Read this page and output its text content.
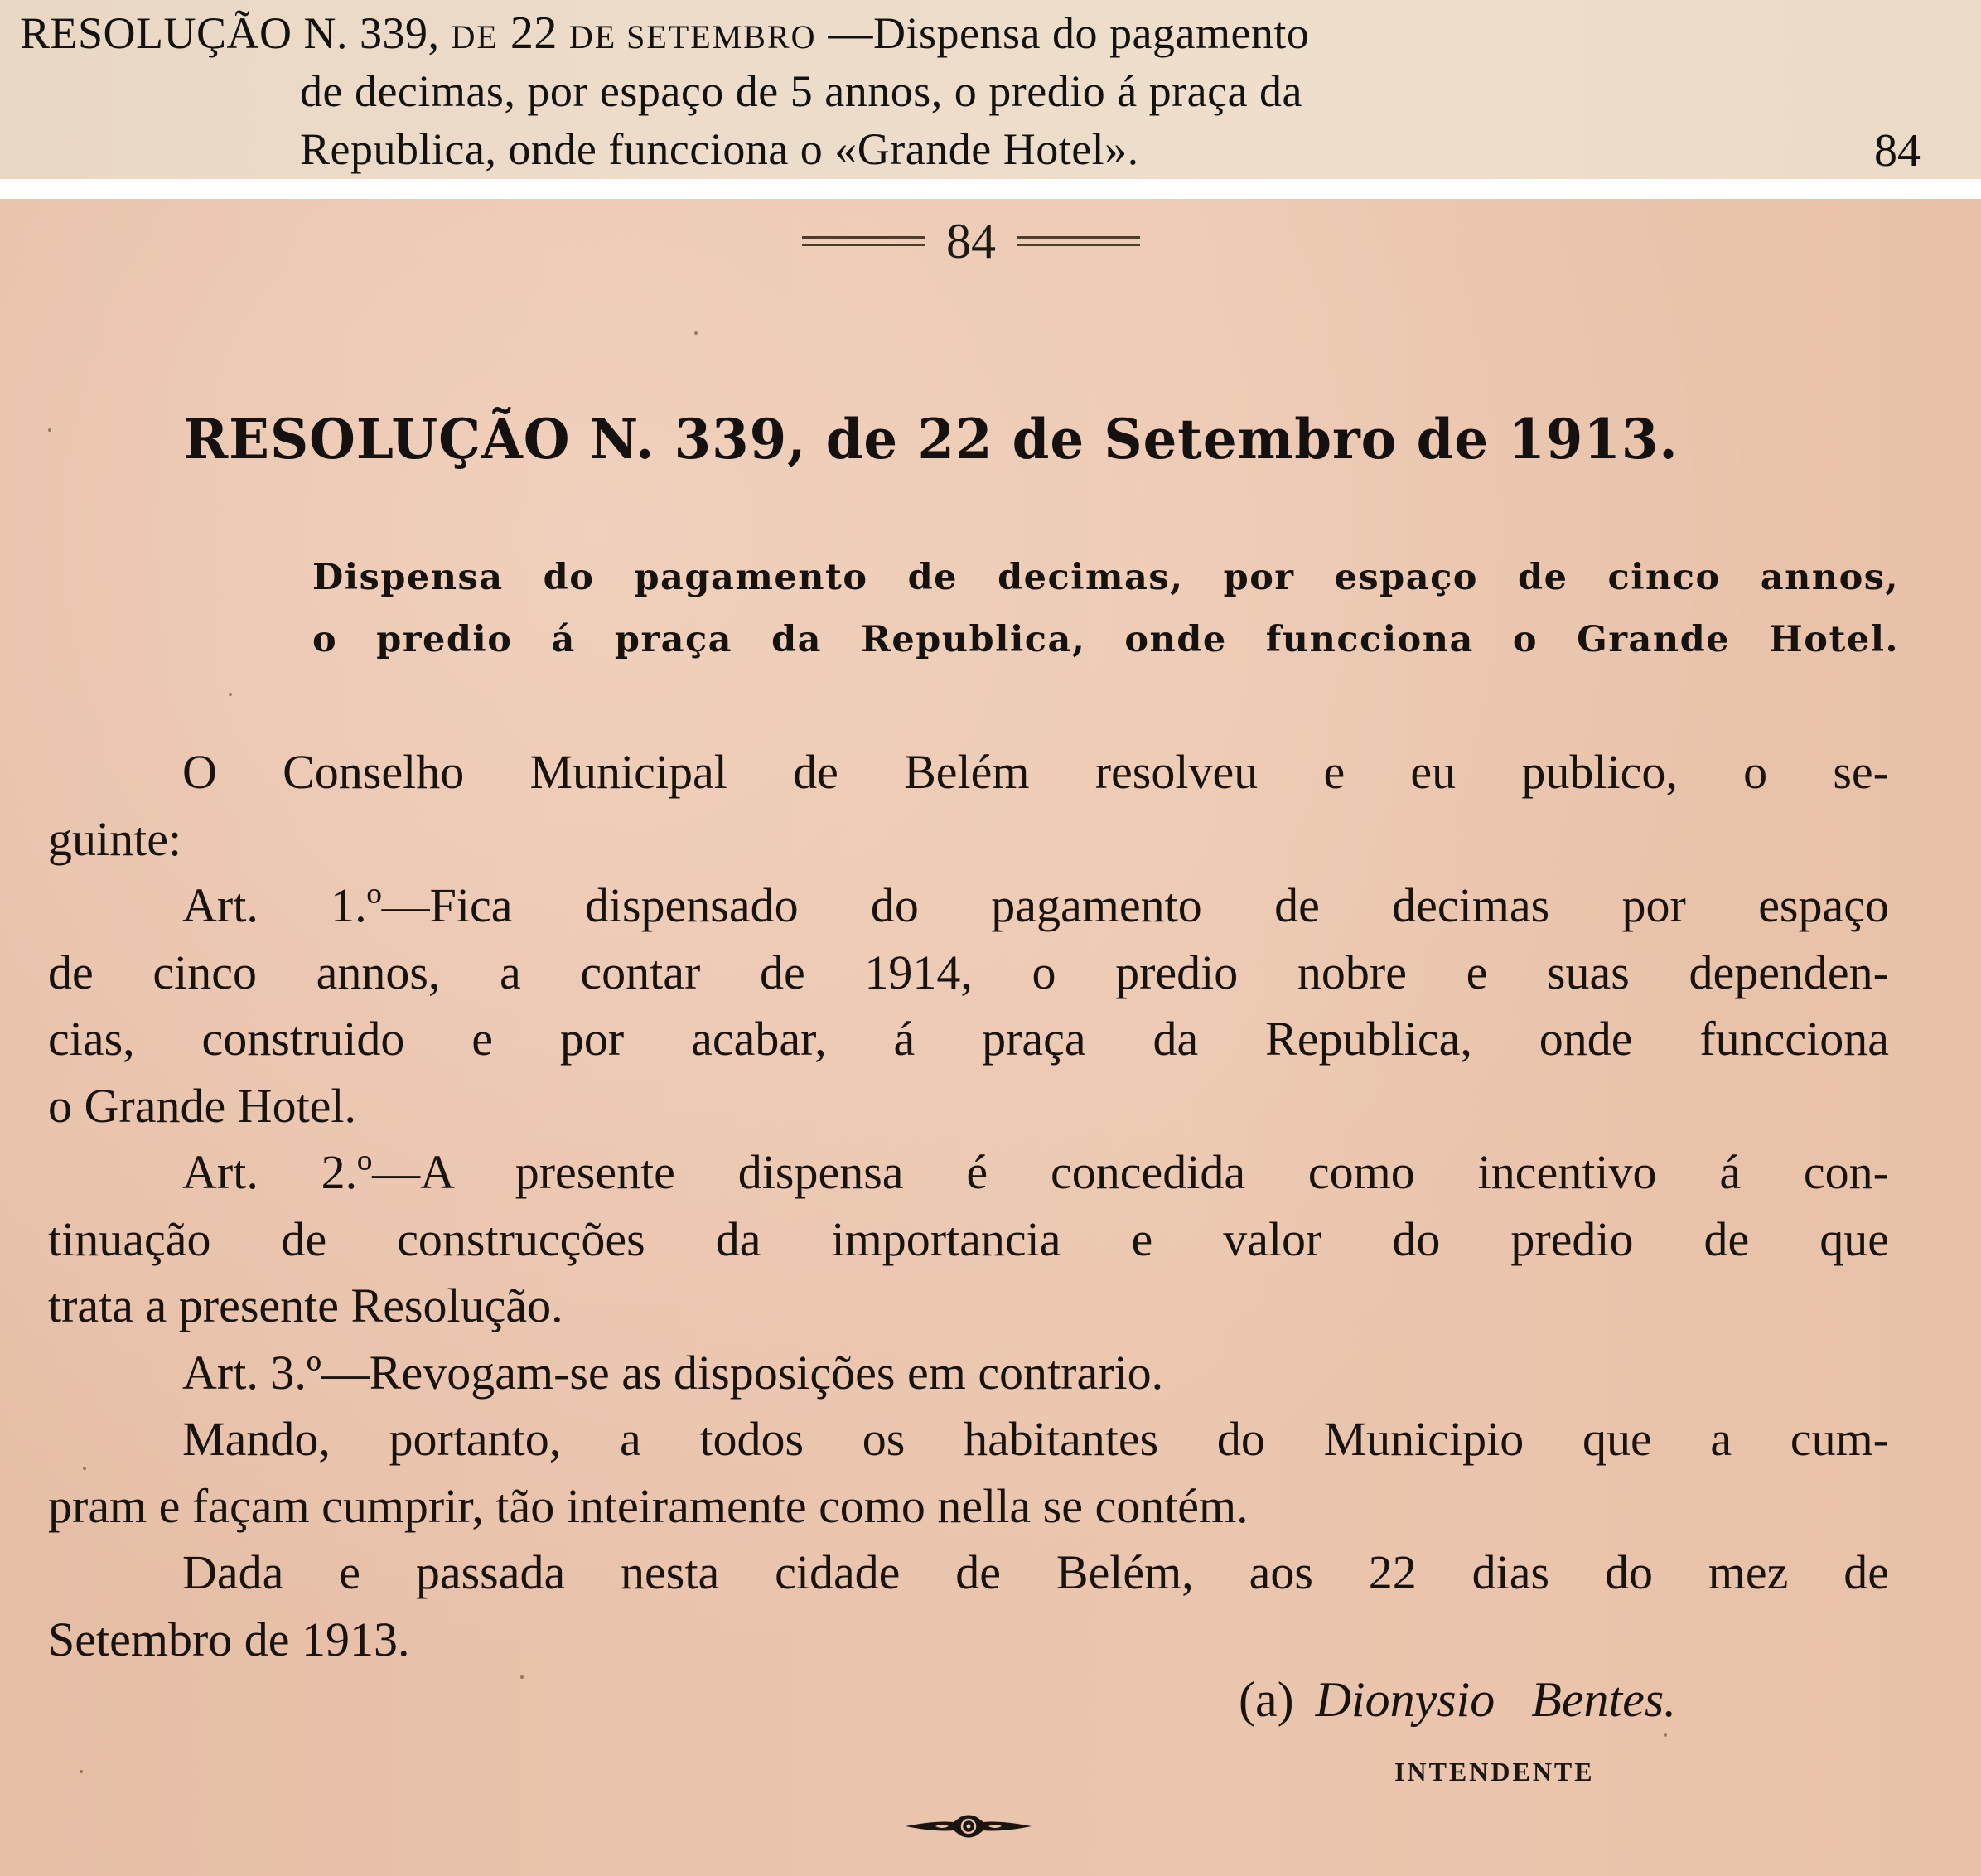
RESOLUÇÃO N. 339, DE 22 DE SETEMBRO —Dispensa do pagamento
de decimas, por espaço de 5 annos, o predio á praça da
Republica, onde funcciona o «Grande Hotel».	84
84
RESOLUÇÃO N. 339, de 22 de Setembro de 1913.
Dispensa do pagamento de decimas, por espaço de cinco annos,
o predio á praça da Republica, onde funcciona o Grande Hotel.
O Conselho Municipal de Belém resolveu e eu publico, o se-
guinte:
Art. 1.º—Fica dispensado do pagamento de decimas por espaço
de cinco annos, a contar de 1914, o predio nobre e suas dependen-
cias, construido e por acabar, á praça da Republica, onde funcciona
o Grande Hotel.
Art. 2.º—A presente dispensa é concedida como incentivo á con-
tinuação de construcções da importancia e valor do predio de que
trata a presente Resolução.
Art. 3.º—Revogam-se as disposições em contrario.
Mando, portanto, a todos os habitantes do Municipio que a cum-
pram e façam cumprir, tão inteiramente como nella se contém.
Dada e passada nesta cidade de Belém, aos 22 dias do mez de
Setembro de 1913.
(a) Dionysio Bentes.
INTENDENTE
